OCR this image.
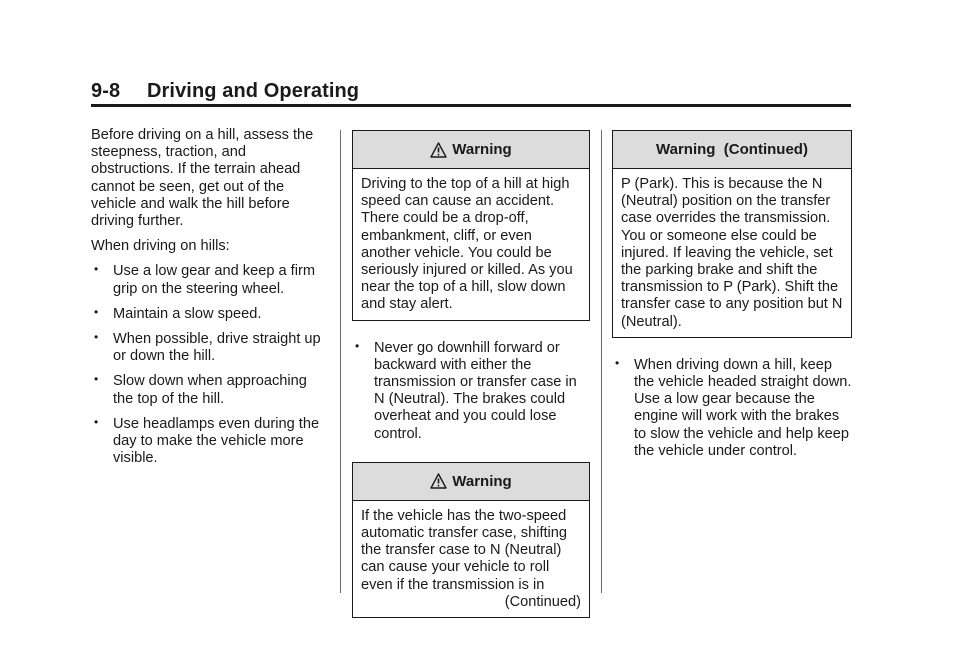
9-8 Driving and Operating

Before driving on a hill, assess the steepness, traction, and obstructions. If the terrain ahead cannot be seen, get out of the vehicle and walk the hill before driving further.

When driving on hills:

• Use a low gear and keep a firm grip on the steering wheel.
• Maintain a slow speed.
• When possible, drive straight up or down the hill.
• Slow down when approaching the top of the hill.
• Use headlamps even during the day to make the vehicle more visible.
Warning
Driving to the top of a hill at high speed can cause an accident. There could be a drop-off, embankment, cliff, or even another vehicle. You could be seriously injured or killed. As you near the top of a hill, slow down and stay alert.
• Never go downhill forward or backward with either the transmission or transfer case in N (Neutral). The brakes could overheat and you could lose control.
Warning
If the vehicle has the two-speed automatic transfer case, shifting the transfer case to N (Neutral) can cause your vehicle to roll even if the transmission is in
(Continued)
Warning  (Continued)
P (Park). This is because the N (Neutral) position on the transfer case overrides the transmission. You or someone else could be injured. If leaving the vehicle, set the parking brake and shift the transmission to P (Park). Shift the transfer case to any position but N (Neutral).
• When driving down a hill, keep the vehicle headed straight down. Use a low gear because the engine will work with the brakes to slow the vehicle and help keep the vehicle under control.
